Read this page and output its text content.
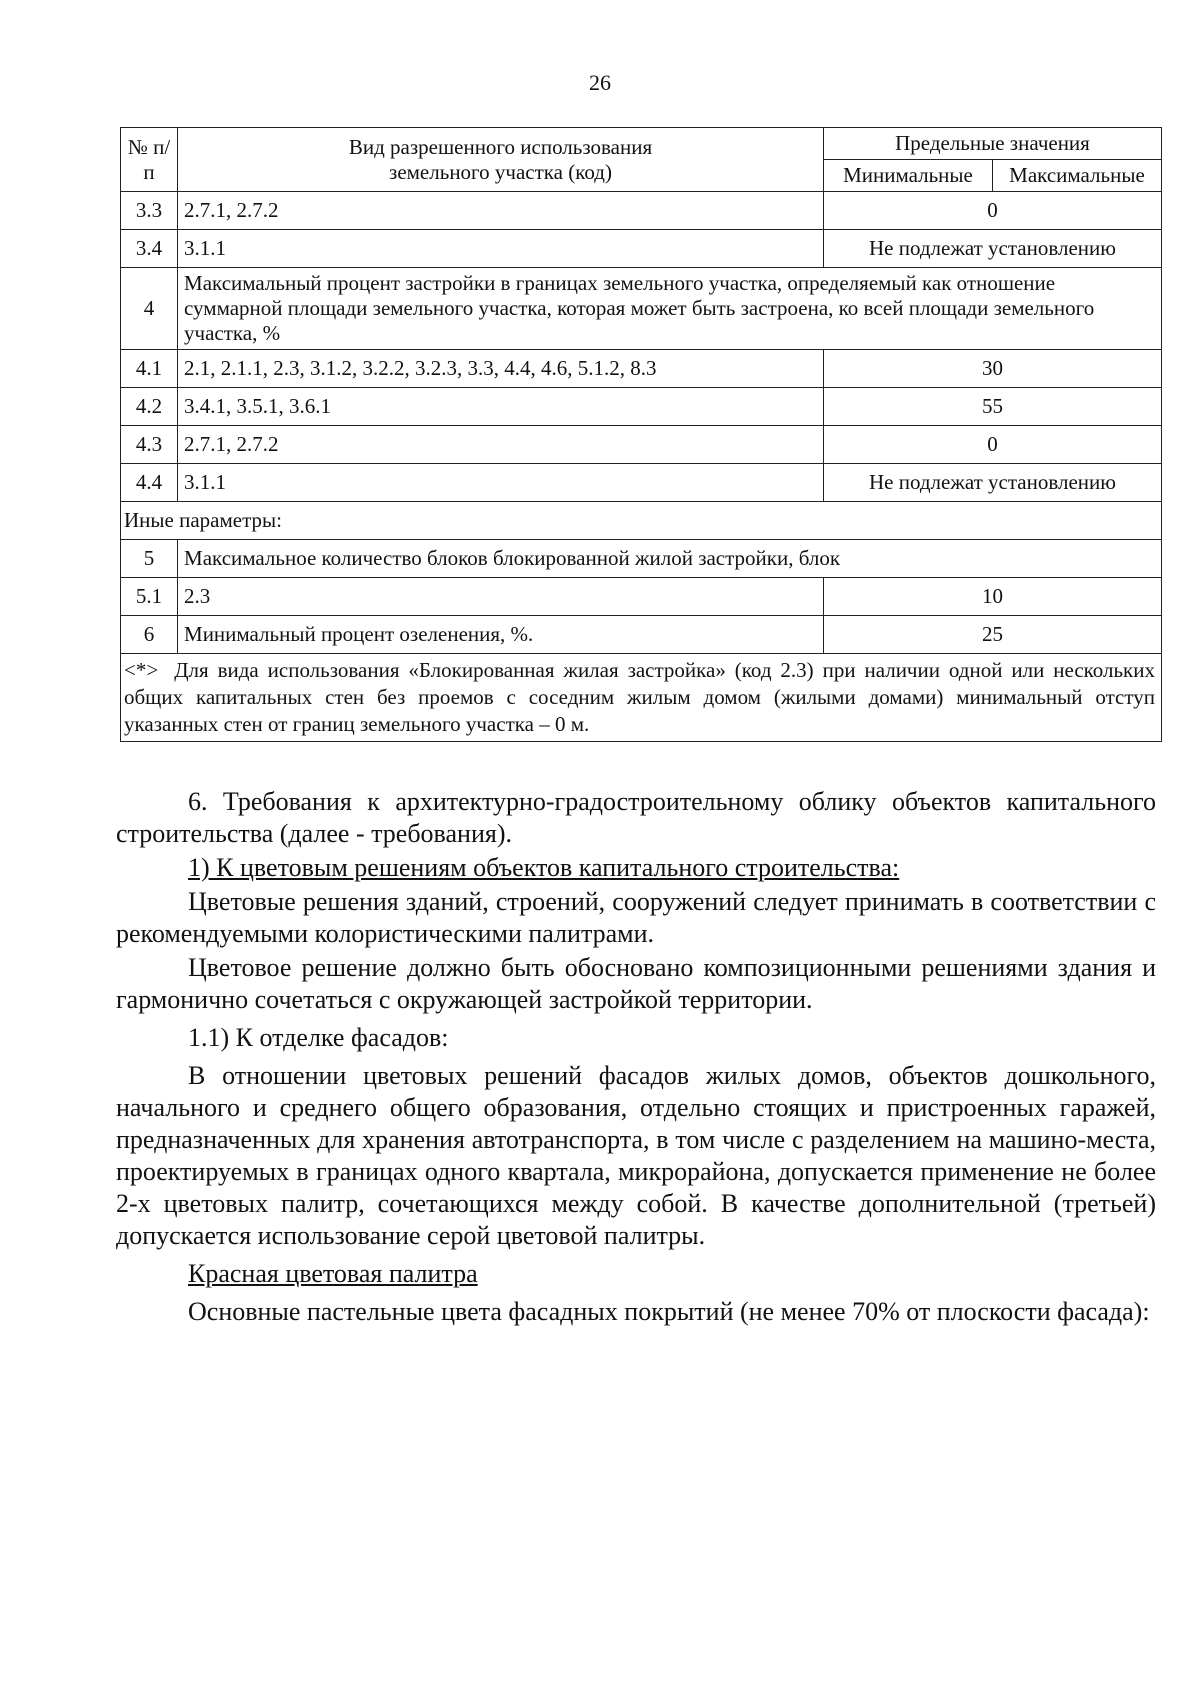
26
№ п/п	Вид разрешенного использования земельного участка (код)	Предельные значения	
		Минимальные	Максимальные
3.3	2.7.1, 2.7.2	0	
3.4	3.1.1	Не подлежат установлению	
4	Максимальный процент застройки в границах земельного участка, определяемый как отношение суммарной площади земельного участка, которая может быть застроена, ко всей площади земельного участка, %		
4.1	2.1, 2.1.1, 2.3, 3.1.2, 3.2.2, 3.2.3, 3.3, 4.4, 4.6, 5.1.2, 8.3	30	
4.2	3.4.1, 3.5.1, 3.6.1	55	
4.3	2.7.1, 2.7.2	0	
4.4	3.1.1	Не подлежат установлению	
Иные параметры:			
5	Максимальное количество блоков блокированной жилой застройки, блок		
5.1	2.3	10	
6	Минимальный процент озеленения, %.	25	
<*> Для вида использования «Блокированная жилая застройка» (код 2.3) при наличии одной или нескольких общих капитальных стен без проемов с соседним жилым домом (жилыми домами) минимальный отступ указанных стен от границ земельного участка – 0 м.			

6. Требования к архитектурно-градостроительному облику объектов капитального строительства (далее - требования).

1) К цветовым решениям объектов капитального строительства:

Цветовые решения зданий, строений, сооружений следует принимать в соответствии с рекомендуемыми колористическими палитрами.

Цветовое решение должно быть обосновано композиционными решениями здания и гармонично сочетаться с окружающей застройкой территории.

1.1) К отделке фасадов:

В отношении цветовых решений фасадов жилых домов, объектов дошкольного, начального и среднего общего образования, отдельно стоящих и пристроенных гаражей, предназначенных для хранения автотранспорта, в том числе с разделением на машино-места, проектируемых в границах одного квартала, микрорайона, допускается применение не более 2-х цветовых палитр, сочетающихся между собой. В качестве дополнительной (третьей) допускается использование серой цветовой палитры.

Красная цветовая палитра

Основные пастельные цвета фасадных покрытий (не менее 70% от плоскости фасада):
